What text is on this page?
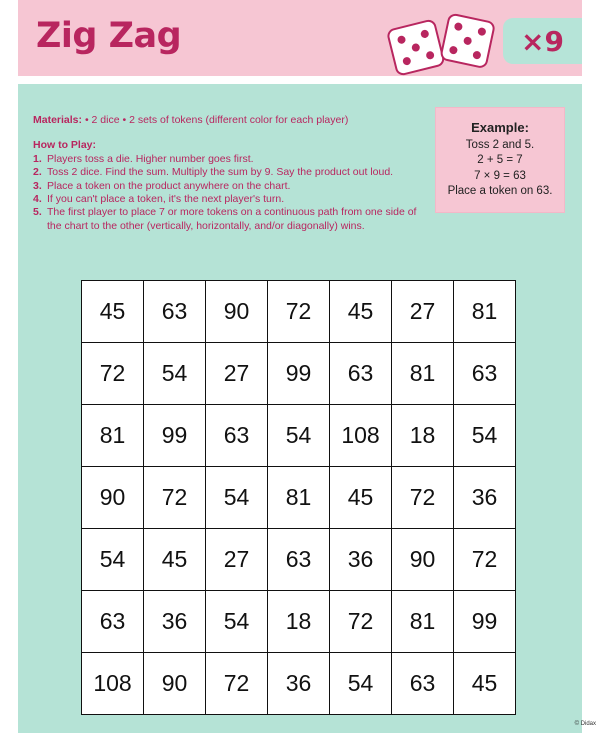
Zig Zag	×9

Materials: • 2 dice • 2 sets of tokens (different color for each player)

How to Play:

1. Players toss a die. Higher number goes first.
2. Toss 2 dice. Find the sum. Multiply the sum by 9. Say the product out loud.
3. Place a token on the product anywhere on the chart.
4. If you can't place a token, it's the next player's turn.
5. The first player to place 7 or more tokens on a continuous path from one side of the chart to the other (vertically, horizontally, and/or diagonally) wins.
Example:
Toss 2 and 5.
2 + 5 = 7
7 × 9 = 63
Place a token on 63.
45	63	90	72	45	27	81
72	54	27	99	63	81	63
81	99	63	54	108	18	54
90	72	54	81	45	72	36
54	45	27	63	36	90	72
63	36	54	18	72	81	99
108	90	72	36	54	63	45
© Didax
